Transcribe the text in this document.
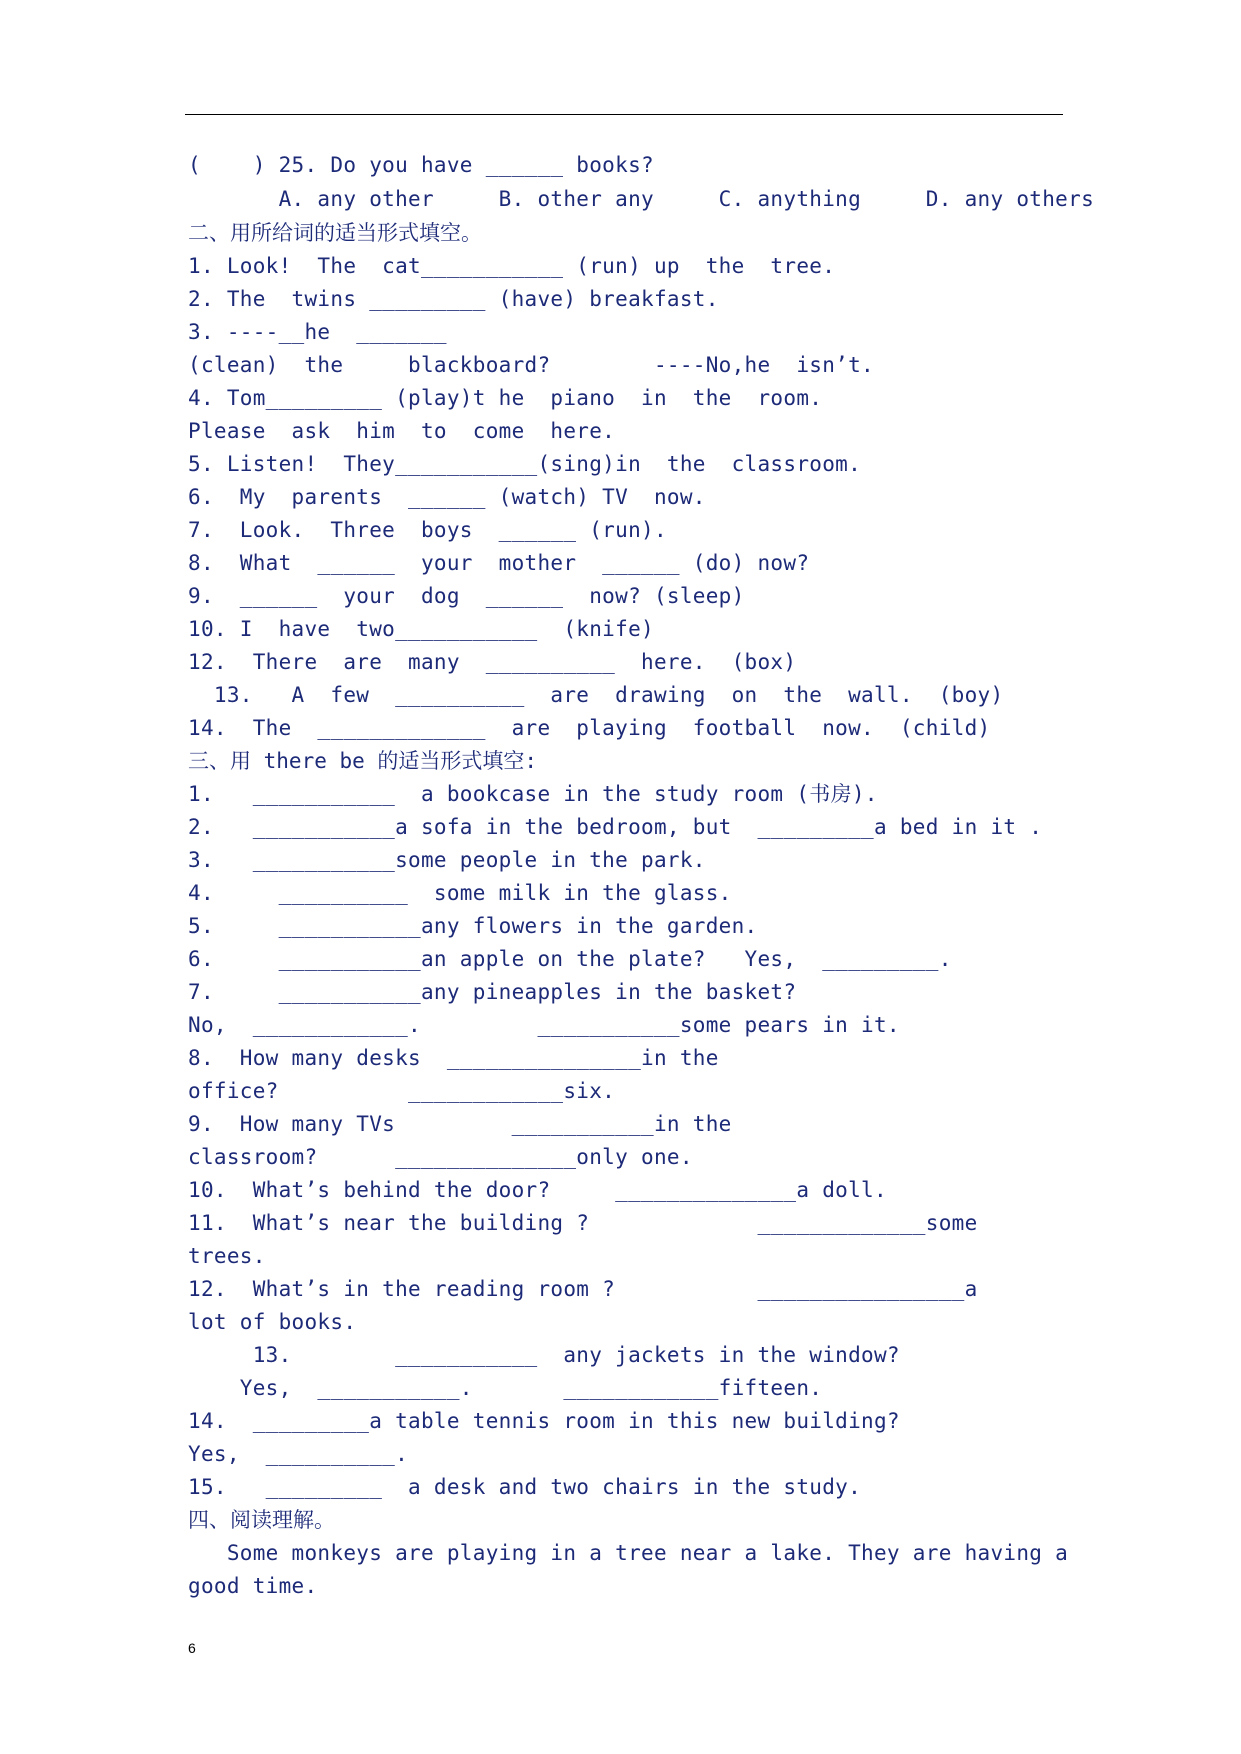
(    ) 25. Do you have ______ books?
A. any other     B. other any     C. anything     D. any others
二、用所给词的适当形式填空。
1. Look!  The  cat___________ (run) up  the  tree.
2. The  twins _________ (have) breakfast.
3. ----__he  _______
(clean)  the     blackboard?        ----No,he  isn’t.
4. Tom_________ (play)t he  piano  in  the  room.
Please  ask  him  to  come  here.
5. Listen!  They___________(sing)in  the  classroom.
6.  My  parents  ______ (watch) TV  now.
7.  Look.  Three  boys  ______ (run).
8.  What  ______  your  mother  ______ (do) now?
9.  ______  your  dog  ______  now? (sleep)
10. I  have  two___________  (knife)
12.  There  are  many  __________  here.  (box)
13.   A  few  __________  are  drawing  on  the  wall.  (boy)
14.  The  _____________  are  playing  football  now.  (child)
三、用 there be 的适当形式填空:
1.   ___________  a bookcase in the study room (书房).
2.   ___________a sofa in the bedroom, but  _________a bed in it .
3.   ___________some people in the park.
4.     __________  some milk in the glass.
5.     ___________any flowers in the garden.
6.     ___________an apple on the plate?   Yes,  _________.
7.     ___________any pineapples in the basket?
No,  ____________.         ___________some pears in it.
8.  How many desks  _______________in the
office?          ____________six.
9.  How many TVs         ___________in the
classroom?      ______________only one.
10.  What’s behind the door?     ______________a doll.
11.  What’s near the building ?             _____________some
trees.
12.  What’s in the reading room ?           ________________a
lot of books.
13.        ___________  any jackets in the window?
Yes,  ___________.       ____________fifteen.
14.  _________a table tennis room in this new building?
Yes,  __________.
15.   _________  a desk and two chairs in the study.
四、阅读理解。
Some monkeys are playing in a tree near a lake. They are having a
good time.
6
